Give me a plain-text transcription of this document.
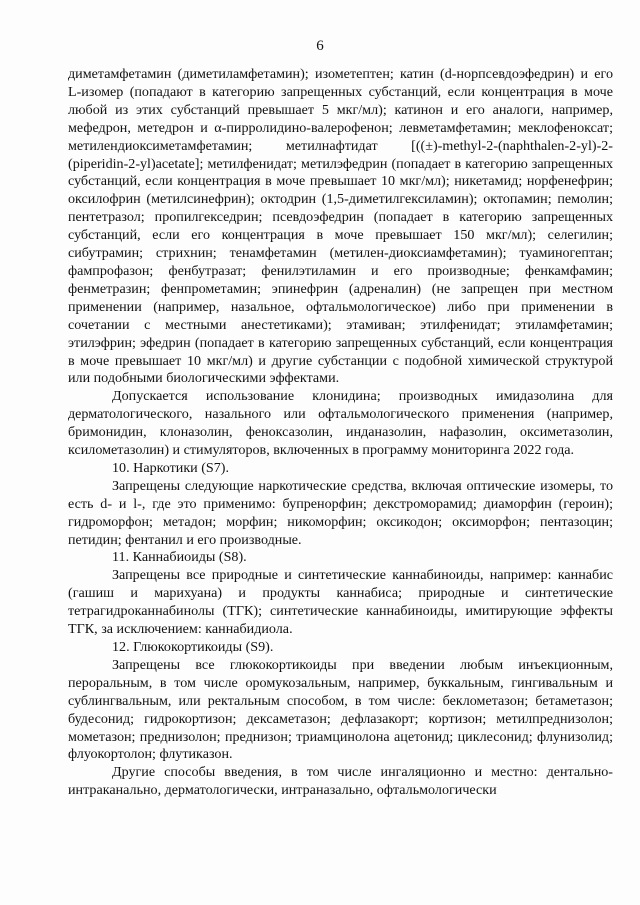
6

диметамфетамин (диметиламфетамин); изометептен; катин (d-норпсевдоэфедрин) и его L-изомер (попадают в категорию запрещенных субстанций, если концентрация в моче любой из этих субстанций превышает 5 мкг/мл); катинон и его аналоги, например, мефедрон, метедрон и α-пирролидино-валерофенон; левметамфетамин; меклофеноксат; метилендиоксиметамфетамин; метилнафтидат [((±)-methyl-2-(naphthalen-2-yl)-2-(piperidin-2-yl)acetate]; метилфенидат; метилэфедрин (попадает в категорию запрещенных субстанций, если концентрация в моче превышает 10 мкг/мл); никетамид; норфенефрин; оксилофрин (метилсинефрин); октодрин (1,5-диметилгексиламин); октопамин; пемолин; пентетразол; пропилгекседрин; псевдоэфедрин (попадает в категорию запрещенных субстанций, если его концентрация в моче превышает 150 мкг/мл); селегилин; сибутрамин; стрихнин; тенамфетамин (метилен-диоксиамфетамин); туаминогептан; фампрофазон; фенбутразат; фенилэтиламин и его производные; фенкамфамин; фенметразин; фенпрометамин; эпинефрин (адреналин) (не запрещен при местном применении (например, назальное, офтальмологическое) либо при применении в сочетании с местными анестетиками); этамиван; этилфенидат; этиламфетамин; этилэфрин; эфедрин (попадает в категорию запрещенных субстанций, если концентрация в моче превышает 10 мкг/мл) и другие субстанции с подобной химической структурой или подобными биологическими эффектами.

Допускается использование клонидина; производных имидазолина для дерматологического, назального или офтальмологического применения (например, бримонидин, клоназолин, феноксазолин, инданазолин, нафазолин, оксиметазолин, ксилометазолин) и стимуляторов, включенных в программу мониторинга 2022 года.

10. Наркотики (S7).

Запрещены следующие наркотические средства, включая оптические изомеры, то есть d- и l-, где это применимо: бупренорфин; декстроморамид; диаморфин (героин); гидроморфон; метадон; морфин; никоморфин; оксикодон; оксиморфон; пентазоцин; петидин; фентанил и его производные.

11. Каннабиоиды (S8).

Запрещены все природные и синтетические каннабиноиды, например: каннабис (гашиш и марихуана) и продукты каннабиса; природные и синтетические тетрагидроканнабинолы (ТГК); синтетические каннабиноиды, имитирующие эффекты ТГК, за исключением: каннабидиола.

12. Глюкокортикоиды (S9).

Запрещены все глюкокортикоиды при введении любым инъекционным, пероральным, в том числе оромукозальным, например, буккальным, гингивальным и сублингвальным, или ректальным способом, в том числе: беклометазон; бетаметазон; будесонид; гидрокортизон; дексаметазон; дефлазакорт; кортизон; метилпреднизолон; мометазон; преднизолон; преднизон; триамцинолона ацетонид; циклесонид; флунизолид; флуокортолон; флутиказон.

Другие способы введения, в том числе ингаляционно и местно: дентально-интраканально, дерматологически, интраназально, офтальмологически
